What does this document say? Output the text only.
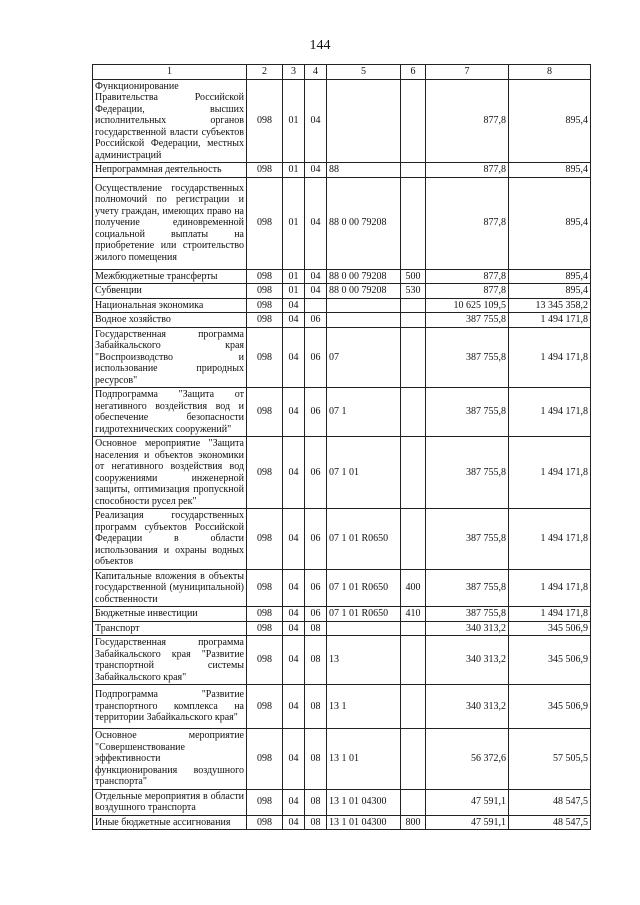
144
1	2	3	4	5	6	7	8
Функционирование Правительства Российской Федерации, высших исполнительных органов государственной власти субъектов Российской Федерации, местных администраций	098	01	04			877,8	895,4
Непрограммная деятельность	098	01	04	88		877,8	895,4
Осуществление государственных полномочий по регистрации и учету граждан, имеющих право на получение единовременной социальной выплаты на приобретение или строительство жилого помещения	098	01	04	88 0 00 79208		877,8	895,4
Межбюджетные трансферты	098	01	04	88 0 00 79208	500	877,8	895,4
Субвенции	098	01	04	88 0 00 79208	530	877,8	895,4
Национальная экономика	098	04				10 625 109,5	13 345 358,2
Водное хозяйство	098	04	06			387 755,8	1 494 171,8
Государственная программа Забайкальского края "Воспроизводство и использование природных ресурсов"	098	04	06	07		387 755,8	1 494 171,8
Подпрограмма "Защита от негативного воздействия вод и обеспечение безопасности гидротехнических сооружений"	098	04	06	07 1		387 755,8	1 494 171,8
Основное мероприятие "Защита населения и объектов экономики от негативного воздействия вод сооружениями инженерной защиты, оптимизация пропускной способности русел рек"	098	04	06	07 1 01		387 755,8	1 494 171,8
Реализация государственных программ субъектов Российской Федерации в области использования и охраны водных объектов	098	04	06	07 1 01 R0650		387 755,8	1 494 171,8
Капитальные вложения в объекты государственной (муниципальной) собственности	098	04	06	07 1 01 R0650	400	387 755,8	1 494 171,8
Бюджетные инвестиции	098	04	06	07 1 01 R0650	410	387 755,8	1 494 171,8
Транспорт	098	04	08			340 313,2	345 506,9
Государственная программа Забайкальского края "Развитие транспортной системы Забайкальского края"	098	04	08	13		340 313,2	345 506,9
Подпрограмма "Развитие транспортного комплекса на территории Забайкальского края"	098	04	08	13 1		340 313,2	345 506,9
Основное мероприятие "Совершенствование эффективности функционирования воздушного транспорта"	098	04	08	13 1 01		56 372,6	57 505,5
Отдельные мероприятия в области воздушного транспорта	098	04	08	13 1 01 04300		47 591,1	48 547,5
Иные бюджетные ассигнования	098	04	08	13 1 01 04300	800	47 591,1	48 547,5
